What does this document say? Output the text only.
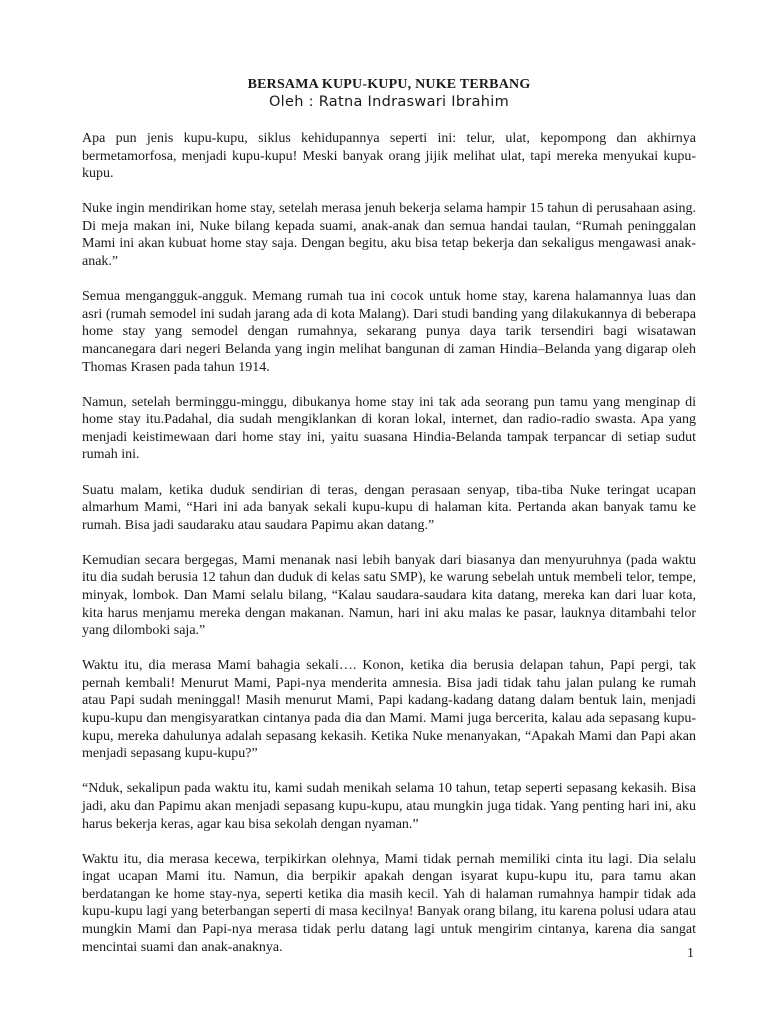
BERSAMA KUPU-KUPU, NUKE TERBANG

Oleh : Ratna Indraswari Ibrahim

Apa pun jenis kupu-kupu, siklus kehidupannya seperti ini: telur, ulat, kepompong dan akhirnya bermetamorfosa, menjadi kupu-kupu! Meski banyak orang jijik melihat ulat, tapi mereka menyukai kupu-kupu.

Nuke ingin mendirikan home stay, setelah merasa jenuh bekerja selama hampir 15 tahun di perusahaan asing. Di meja makan ini, Nuke bilang kepada suami, anak-anak dan semua handai taulan, “Rumah peninggalan Mami ini akan kubuat home stay saja. Dengan begitu, aku bisa tetap bekerja dan sekaligus mengawasi anak-anak.”

Semua mengangguk-angguk. Memang rumah tua ini cocok untuk home stay, karena halamannya luas dan asri (rumah semodel ini sudah jarang ada di kota Malang). Dari studi banding yang dilakukannya di beberapa home stay yang semodel dengan rumahnya, sekarang punya daya tarik tersendiri bagi wisatawan mancanegara dari negeri Belanda yang ingin melihat bangunan di zaman Hindia–Belanda yang digarap oleh Thomas Krasen pada tahun 1914.

Namun, setelah berminggu-minggu, dibukanya home stay ini tak ada seorang pun tamu yang menginap di home stay itu.Padahal, dia sudah mengiklankan di koran lokal, internet, dan radio-radio swasta. Apa yang menjadi keistimewaan dari home stay ini, yaitu suasana Hindia-Belanda tampak terpancar di setiap sudut rumah ini.

Suatu malam, ketika duduk sendirian di teras, dengan perasaan senyap, tiba-tiba Nuke teringat ucapan almarhum Mami, “Hari ini ada banyak sekali kupu-kupu di halaman kita. Pertanda akan banyak tamu ke rumah. Bisa jadi saudaraku atau saudara Papimu akan datang.”

Kemudian secara bergegas, Mami menanak nasi lebih banyak dari biasanya dan menyuruhnya (pada waktu itu dia sudah berusia 12 tahun dan duduk di kelas satu SMP), ke warung sebelah untuk membeli telor, tempe, minyak, lombok. Dan Mami selalu bilang, “Kalau saudara-saudara kita datang, mereka kan dari luar kota, kita harus menjamu mereka dengan makanan. Namun, hari ini aku malas ke pasar, lauknya ditambahi telor yang dilomboki saja.”

Waktu itu, dia merasa Mami bahagia sekali…. Konon, ketika dia berusia delapan tahun, Papi pergi, tak pernah kembali! Menurut Mami, Papi-nya menderita amnesia. Bisa jadi tidak tahu jalan pulang ke rumah atau Papi sudah meninggal! Masih menurut Mami, Papi kadang-kadang datang dalam bentuk lain, menjadi kupu-kupu dan mengisyaratkan cintanya pada dia dan Mami. Mami juga bercerita, kalau ada sepasang kupu-kupu, mereka dahulunya adalah sepasang kekasih. Ketika Nuke menanyakan, “Apakah Mami dan Papi akan menjadi sepasang kupu-kupu?”

“Nduk, sekalipun pada waktu itu, kami sudah menikah selama 10 tahun, tetap seperti sepasang kekasih. Bisa jadi, aku dan Papimu akan menjadi sepasang kupu-kupu, atau mungkin juga tidak. Yang penting hari ini, aku harus bekerja keras, agar kau bisa sekolah dengan nyaman.”

Waktu itu, dia merasa kecewa, terpikirkan olehnya, Mami tidak pernah memiliki cinta itu lagi. Dia selalu ingat ucapan Mami itu. Namun, dia berpikir apakah dengan isyarat kupu-kupu itu, para tamu akan berdatangan ke home stay-nya, seperti ketika dia masih kecil. Yah di halaman rumahnya hampir tidak ada kupu-kupu lagi yang beterbangan seperti di masa kecilnya! Banyak orang bilang, itu karena polusi udara atau mungkin Mami dan Papi-nya merasa tidak perlu datang lagi untuk mengirim cintanya, karena dia sangat mencintai suami dan anak-anaknya.	1
